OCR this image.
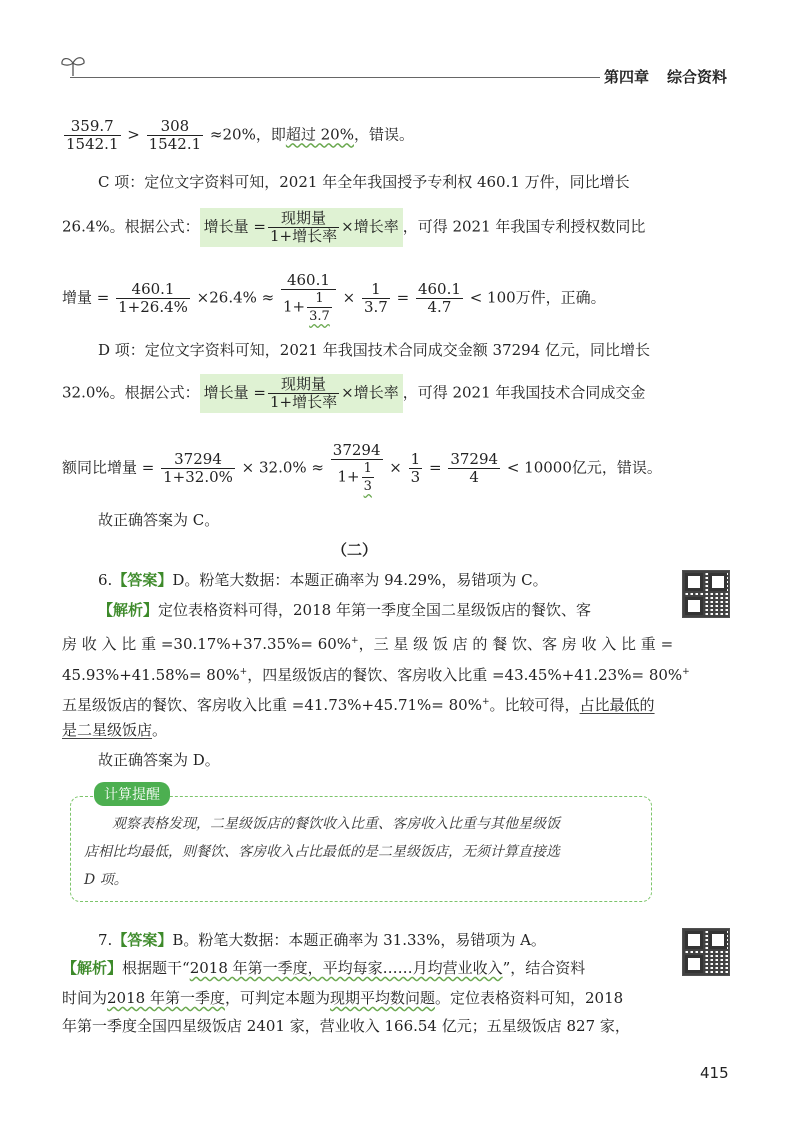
第四章 综合资料
$\frac{359.7}{1542.1} > \frac{308}{1542.1} \approx 20\%$，即超过 20%，错误。
C 项：定位文字资料可知，2021 年全年我国授予专利权 460.1 万件，同比增长
26.4%。根据公式： 增长量 = $\frac{\text{现期量}}{\text{1+增长率}}$ ×增长率 ，可得 2021 年我国专利授权数同比
增量 = $\frac{460.1}{1+26.4\%} \times 26.4\% \approx \frac{460.1}{1+ \frac{1}{3.7}} \times \frac{1}{3.7} = \frac{460.1}{4.7} < 100$万件，正确。
D 项：定位文字资料可知，2021 年我国技术合同成交金额 37294 亿元，同比增长
32.0%。根据公式： 增长量 = $\frac{\text{现期量}}{\text{1+增长率}}$ ×增长率 ，可得 2021 年我国技术合同成交金
额同比增量 = $\frac{37294}{1+32.0\%} \times 32.0\% \approx \frac{37294}{1+ \frac{1}{3}} \times \frac{1}{3} = \frac{37294}{4} < 10000$亿元，错误。
故正确答案为 C。
（二）
6.【答案】D。粉笔大数据：本题正确率为 94.29%，易错项为 C。
【解析】定位表格资料可得，2018 年第一季度全国二星级饭店的餐饮、客
房 收 入 比 重 =30.17%+37.35%= 60%+，三 星 级 饭 店 的 餐 饮、客 房 收 入 比 重 =
45.93%+41.58%= 80%+，四星级饭店的餐饮、客房收入比重 =43.45%+41.23%= 80%+
五星级饭店的餐饮、客房收入比重 =41.73%+45.71%= 80%+。比较可得，占比最低的
是二星级饭店。
故正确答案为 D。
计算提醒
观察表格发现，二星级饭店的餐饮收入比重、客房收入比重与其他星级饭
店相比均最低，则餐饮、客房收入占比最低的是二星级饭店，无须计算直接选
D 项。
7.【答案】B。粉笔大数据：本题正确率为 31.33%，易错项为 A。
【解析】根据题干“2018 年第一季度，平均每家……月均营业收入”，结合资料
时间为2018 年第一季度，可判定本题为现期平均数问题。定位表格资料可知，2018
年第一季度全国四星级饭店 2401 家，营业收入 166.54 亿元；五星级饭店 827 家，
415
